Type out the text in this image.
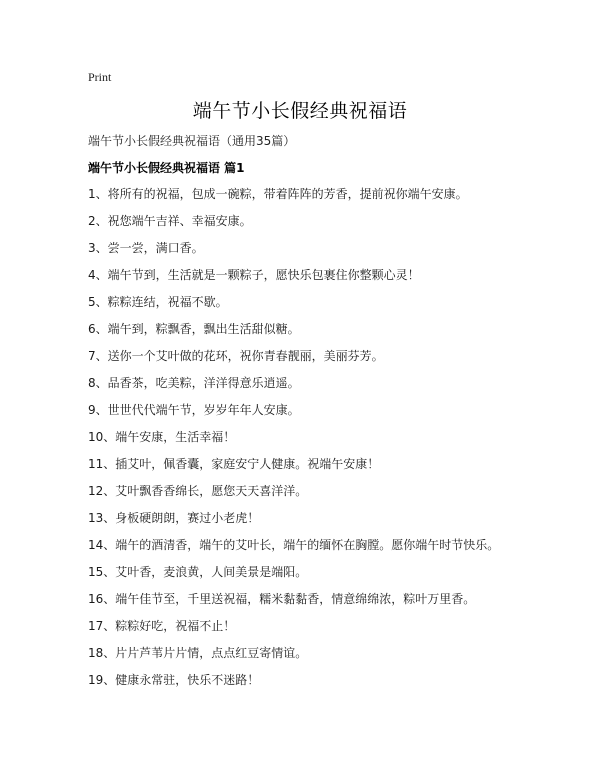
Print
端午节小长假经典祝福语
端午节小长假经典祝福语（通用35篇）
端午节小长假经典祝福语 篇1
1、将所有的祝福，包成一碗粽，带着阵阵的芳香，提前祝你端午安康。
2、祝您端午吉祥、幸福安康。
3、尝一尝，满口香。
4、端午节到，生活就是一颗粽子，愿快乐包裹住你整颗心灵！
5、粽粽连结，祝福不歇。
6、端午到，粽飘香，飘出生活甜似糖。
7、送你一个艾叶做的花环，祝你青春靓丽，美丽芬芳。
8、品香茶，吃美粽，洋洋得意乐逍遥。
9、世世代代端午节，岁岁年年人安康。
10、端午安康，生活幸福！
11、插艾叶，佩香囊，家庭安宁人健康。祝端午安康！
12、艾叶飘香香绵长，愿您天天喜洋洋。
13、身板硬朗朗，赛过小老虎！
14、端午的酒清香，端午的艾叶长，端午的缅怀在胸膛。愿你端午时节快乐。
15、艾叶香，麦浪黄，人间美景是端阳。
16、端午佳节至，千里送祝福，糯米黏黏香，情意绵绵浓，粽叶万里香。
17、粽粽好吃，祝福不止！
18、片片芦苇片片情，点点红豆寄情谊。
19、健康永常驻，快乐不迷路！
